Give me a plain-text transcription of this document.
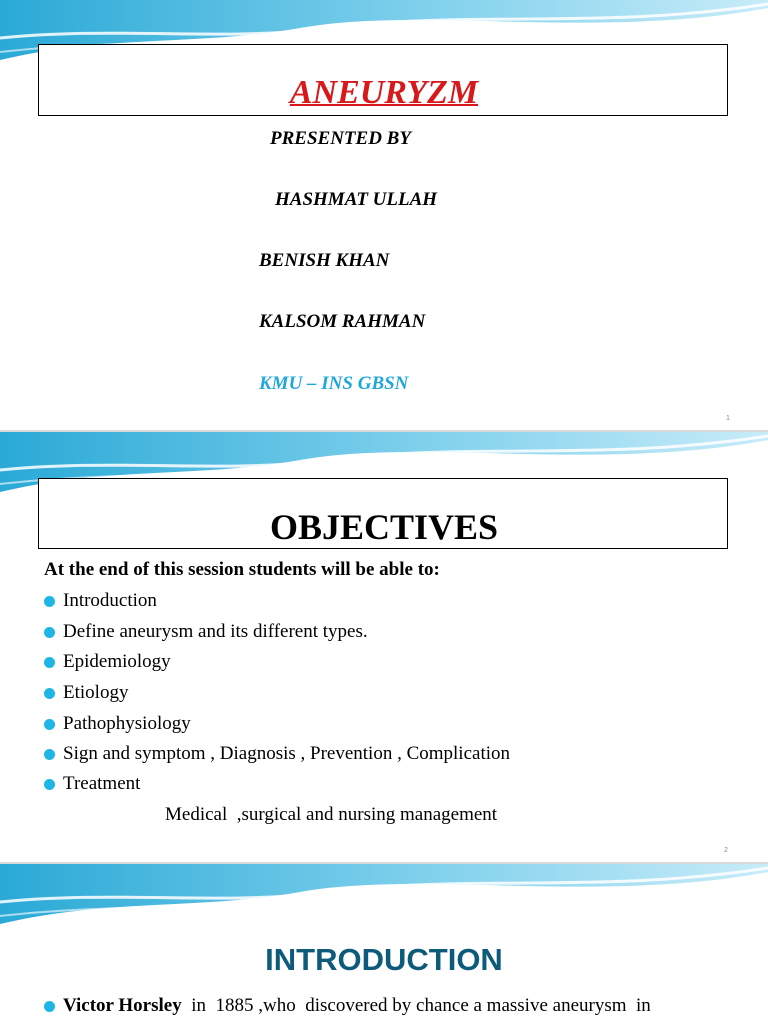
ANEURYZM
PRESENTED BY
HASHMAT ULLAH
BENISH KHAN
KALSOM RAHMAN
KMU – INS GBSN
1
OBJECTIVES
At the end of this session students will be able to:
Introduction
Define aneurysm and its different types.
Epidemiology
Etiology
Pathophysiology
Sign and symptom , Diagnosis , Prevention , Complication
Treatment
Medical  ,surgical and nursing management
2
INTRODUCTION
Victor Horsley in  1885 ,who  discovered by chance a massive aneurysm  in
